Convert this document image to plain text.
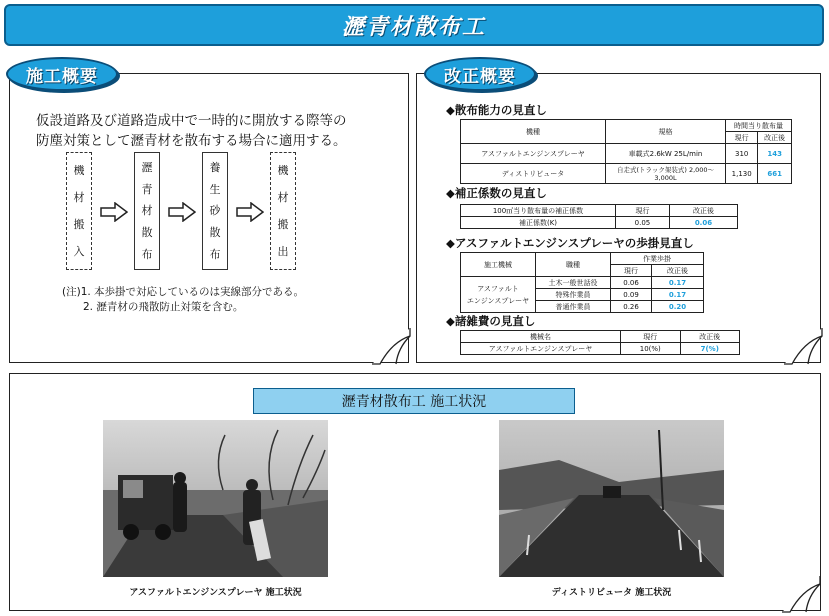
瀝青材散布工
施工概要
仮設道路及び道路造成中で一時的に開放する際等の
防塵対策として瀝青材を散布する場合に適用する。
機
材
搬
入
瀝
青
材
散
布
養
生
砂
散
布
機
材
搬
出
(注)1. 本歩掛で対応しているのは実線部分である。
2. 瀝青材の飛散防止対策を含む。
改正概要
◆散布能力の見直し
機種	規格	時間当り散布量	
		現行	改正後
アスファルトエンジンスプレーヤ	車載式2.6kW 25L/min	310	143
ディストリビュータ	自走式(トラック架装式) 2,000～3,000L	1,130	661
◆補正係数の見直し
100㎡当り散布量の補正係数	現行	改正後
補正係数(K)	0.05	0.06
◆アスファルトエンジンスプレーヤの歩掛見直し
施工機械	職種	作業歩掛	
		現行	改正後

アスファルト
エンジンスプレーヤ	土木一般世話役	0.06	0.17
	特殊作業員	0.09	0.17
	普通作業員	0.26	0.20
◆諸雑費の見直し
機械名	現行	改正後
アスファルトエンジンスプレーヤ	10(%)	7(%)
瀝青材散布工 施工状況
アスファルトエンジンスプレーヤ 施工状況	ディストリビュータ 施工状況
